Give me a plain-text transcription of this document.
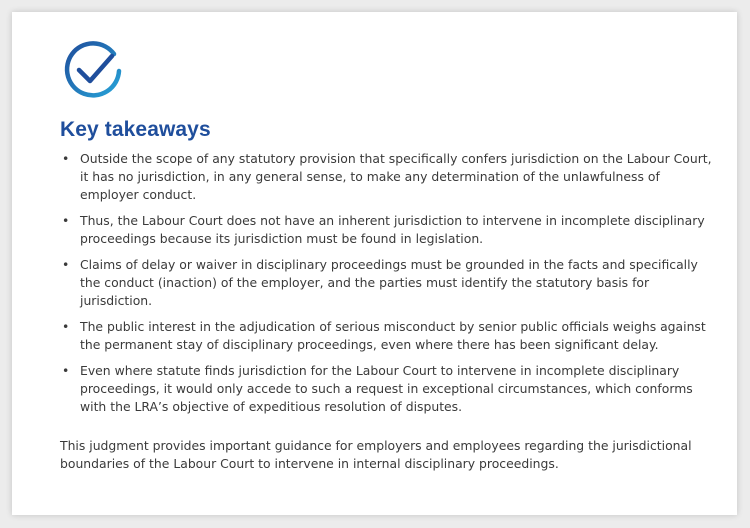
Key takeaways
• Outside the scope of any statutory provision that specifically confers jurisdiction on the Labour Court, it has no jurisdiction, in any general sense, to make any determination of the unlawfulness of employer conduct.
• Thus, the Labour Court does not have an inherent jurisdiction to intervene in incomplete disciplinary proceedings because its jurisdiction must be found in legislation.
• Claims of delay or waiver in disciplinary proceedings must be grounded in the facts and specifically the conduct (inaction) of the employer, and the parties must identify the statutory basis for jurisdiction.
• The public interest in the adjudication of serious misconduct by senior public officials weighs against the permanent stay of disciplinary proceedings, even where there has been significant delay.
• Even where statute finds jurisdiction for the Labour Court to intervene in incomplete disciplinary proceedings, it would only accede to such a request in exceptional circumstances, which conforms with the LRA’s objective of expeditious resolution of disputes.

This judgment provides important guidance for employers and employees regarding the jurisdictional boundaries of the Labour Court to intervene in internal disciplinary proceedings.
